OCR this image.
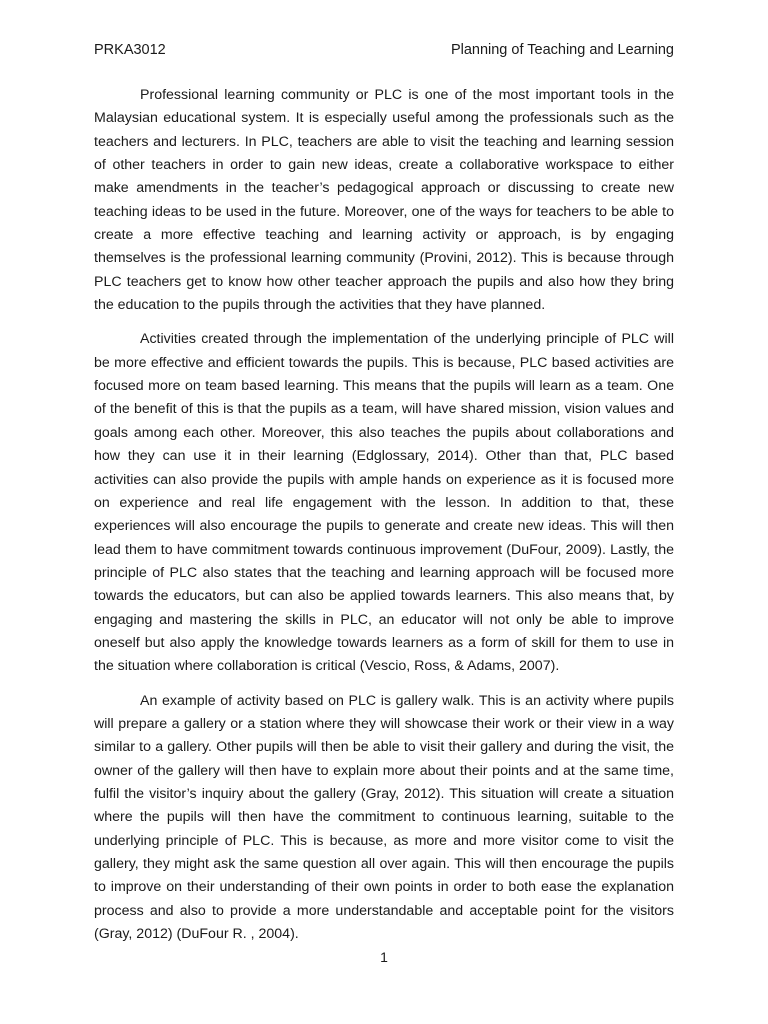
PRKA3012	Planning of Teaching and Learning

Professional learning community or PLC is one of the most important tools in the Malaysian educational system. It is especially useful among the professionals such as the teachers and lecturers. In PLC, teachers are able to visit the teaching and learning session of other teachers in order to gain new ideas, create a collaborative workspace to either make amendments in the teacher’s pedagogical approach or discussing to create new teaching ideas to be used in the future. Moreover, one of the ways for teachers to be able to create a more effective teaching and learning activity or approach, is by engaging themselves is the professional learning community (Provini, 2012). This is because through PLC teachers get to know how other teacher approach the pupils and also how they bring the education to the pupils through the activities that they have planned.

Activities created through the implementation of the underlying principle of PLC will be more effective and efficient towards the pupils. This is because, PLC based activities are focused more on team based learning. This means that the pupils will learn as a team. One of the benefit of this is that the pupils as a team, will have shared mission, vision values and goals among each other. Moreover, this also teaches the pupils about collaborations and how they can use it in their learning (Edglossary, 2014). Other than that, PLC based activities can also provide the pupils with ample hands on experience as it is focused more on experience and real life engagement with the lesson. In addition to that, these experiences will also encourage the pupils to generate and create new ideas. This will then lead them to have commitment towards continuous improvement (DuFour, 2009). Lastly, the principle of PLC also states that the teaching and learning approach will be focused more towards the educators, but can also be applied towards learners. This also means that, by engaging and mastering the skills in PLC, an educator will not only be able to improve oneself but also apply the knowledge towards learners as a form of skill for them to use in the situation where collaboration is critical (Vescio, Ross, & Adams, 2007).

An example of activity based on PLC is gallery walk. This is an activity where pupils will prepare a gallery or a station where they will showcase their work or their view in a way similar to a gallery. Other pupils will then be able to visit their gallery and during the visit, the owner of the gallery will then have to explain more about their points and at the same time, fulfil the visitor’s inquiry about the gallery (Gray, 2012). This situation will create a situation where the pupils will then have the commitment to continuous learning, suitable to the underlying principle of PLC. This is because, as more and more visitor come to visit the gallery, they might ask the same question all over again. This will then encourage the pupils to improve on their understanding of their own points in order to both ease the explanation process and also to provide a more understandable and acceptable point for the visitors (Gray, 2012) (DuFour R. , 2004).

1
